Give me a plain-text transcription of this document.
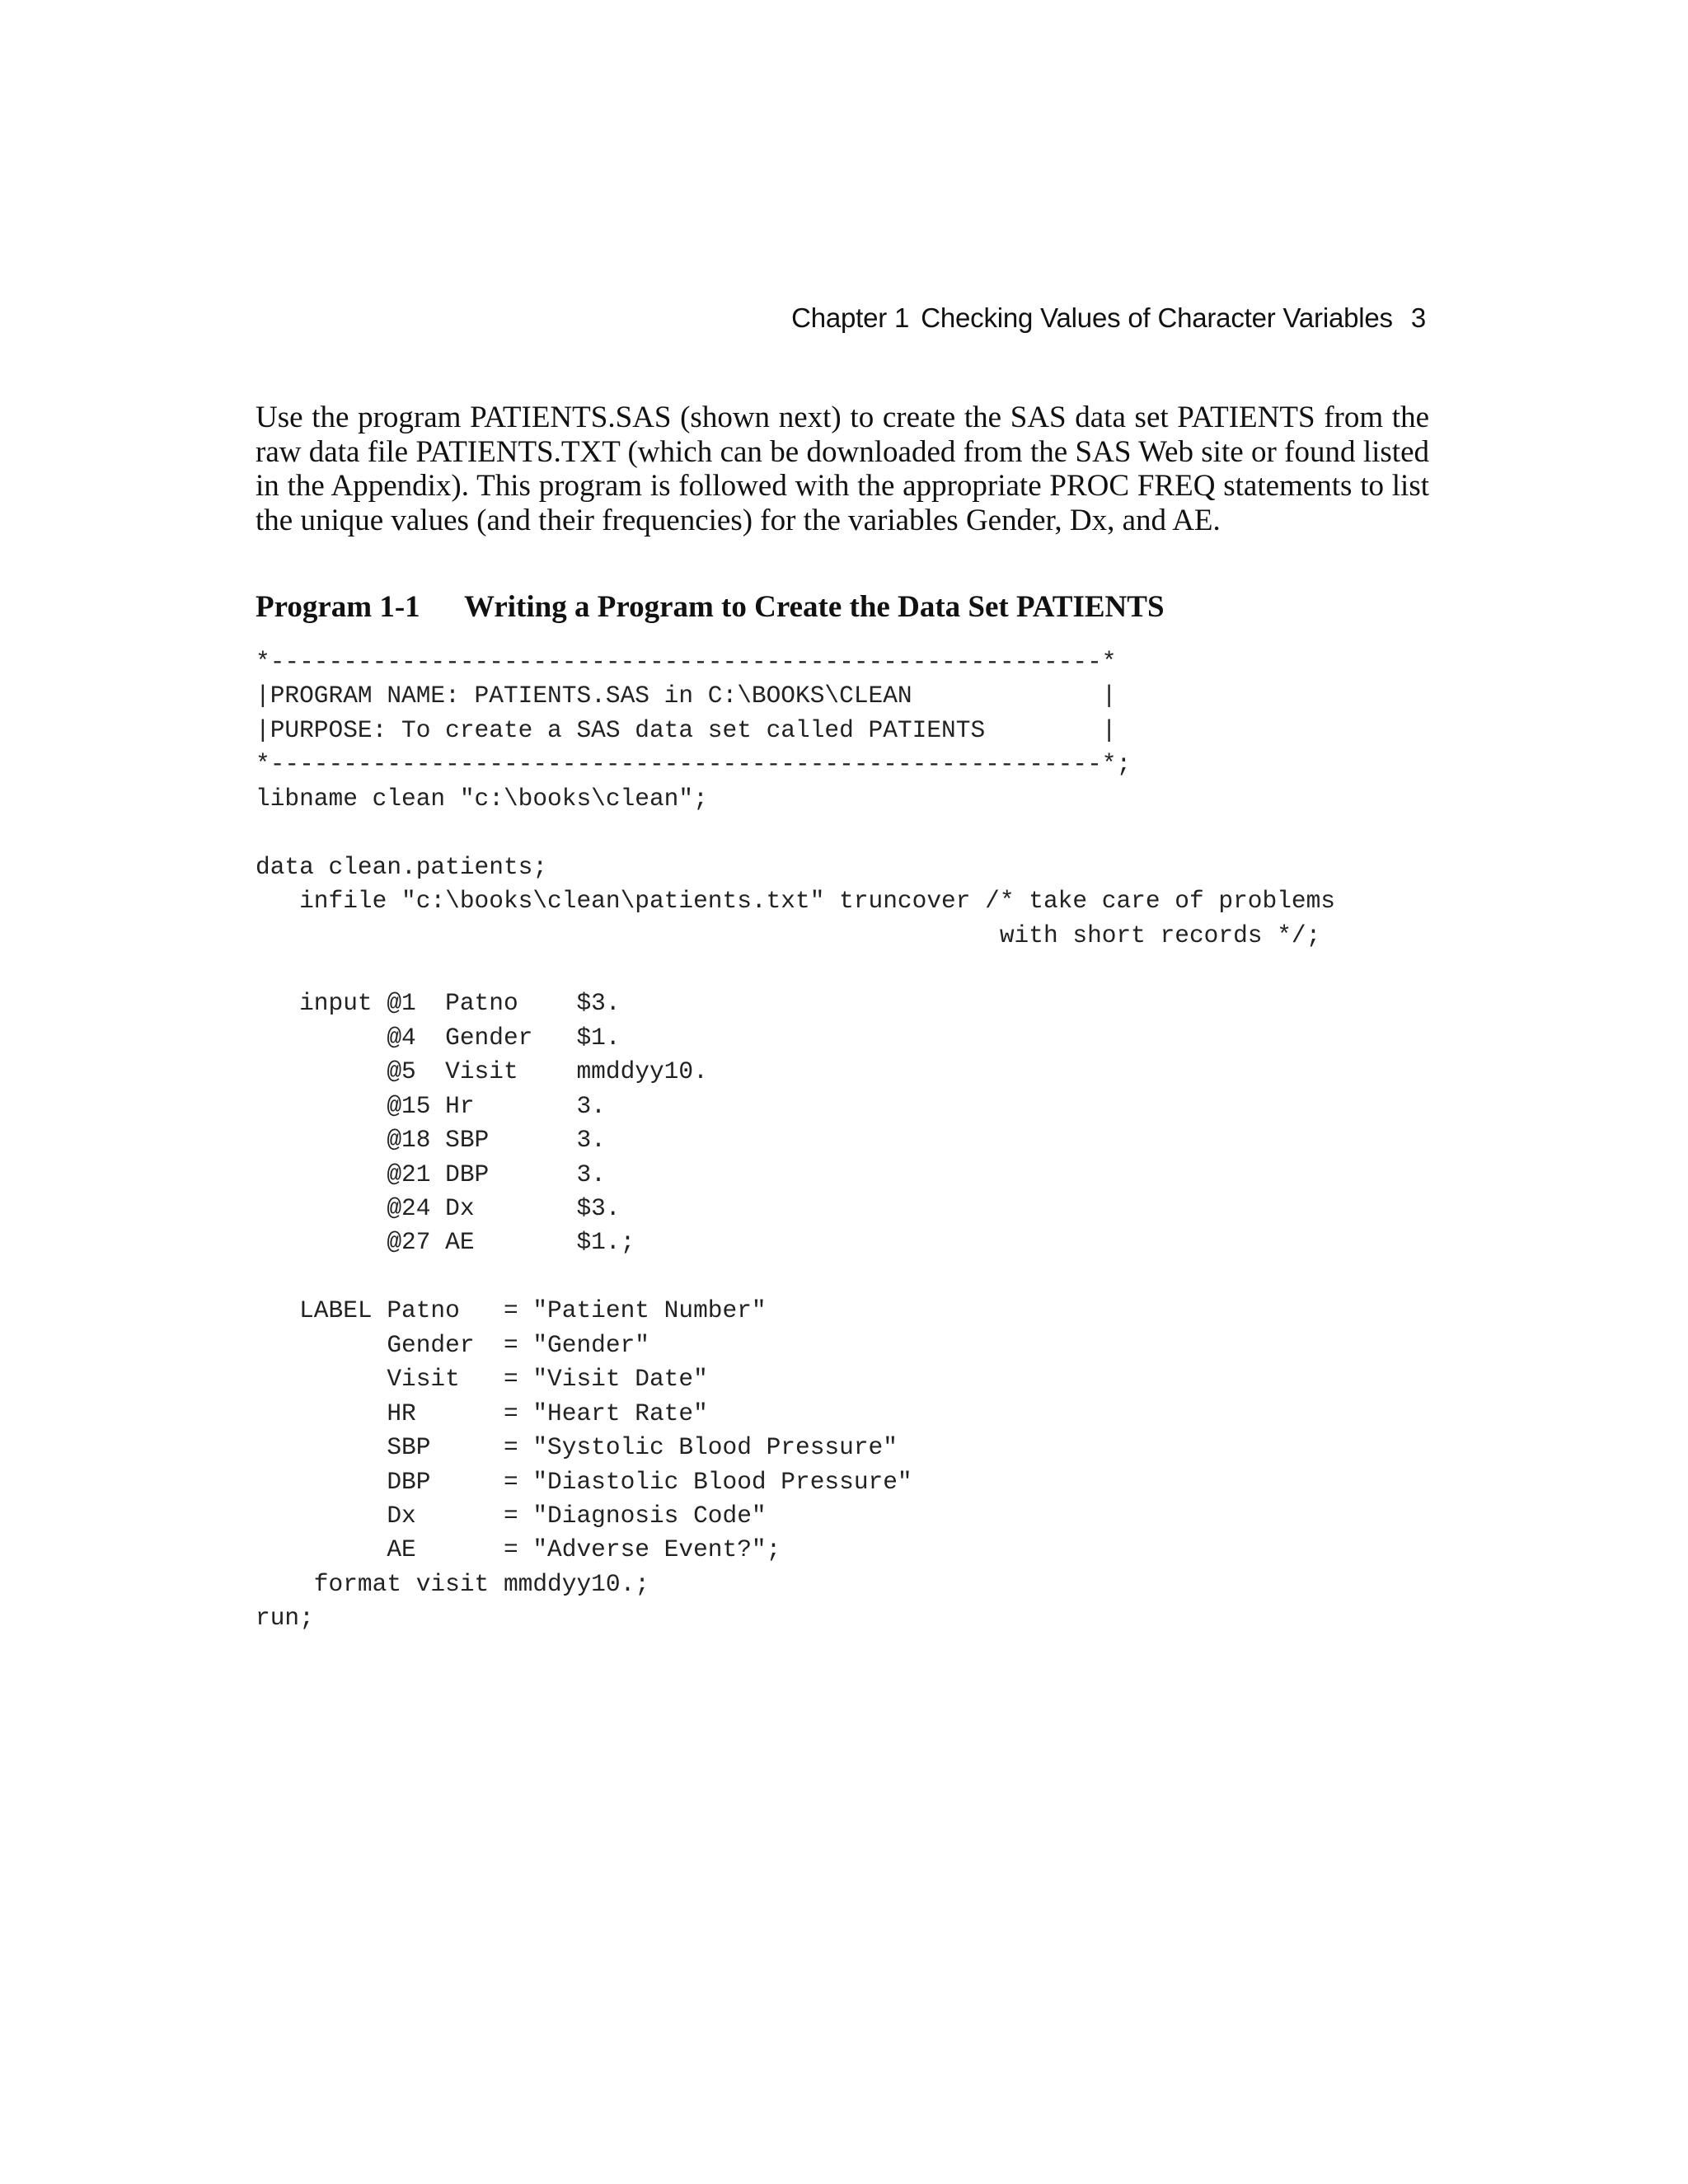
Chapter 1 Checking Values of Character Variables 3

Use the program PATIENTS.SAS (shown next) to create the SAS data set PATIENTS from the raw data file PATIENTS.TXT (which can be downloaded from the SAS Web site or found listed in the Appendix). This program is followed with the appropriate PROC FREQ statements to list the unique values (and their frequencies) for the variables Gender, Dx, and AE.

Program 1-1 Writing a Program to Create the Data Set PATIENTS
*---------------------------------------------------------*
|PROGRAM NAME: PATIENTS.SAS in C:\BOOKS\CLEAN             |
|PURPOSE: To create a SAS data set called PATIENTS        |
*---------------------------------------------------------*;
libname clean "c:\books\clean";
data clean.patients;
infile "c:\books\clean\patients.txt" truncover /* take care of problems
with short records */;
input @1  Patno    $3.
@4  Gender   $1.
@5  Visit    mmddyy10.
@15 Hr       3.
@18 SBP      3.
@21 DBP      3.
@24 Dx       $3.
@27 AE       $1.;
LABEL Patno   = "Patient Number"
Gender  = "Gender"
Visit   = "Visit Date"
HR      = "Heart Rate"
SBP     = "Systolic Blood Pressure"
DBP     = "Diastolic Blood Pressure"
Dx      = "Diagnosis Code"
AE      = "Adverse Event?";
format visit mmddyy10.;
run;
